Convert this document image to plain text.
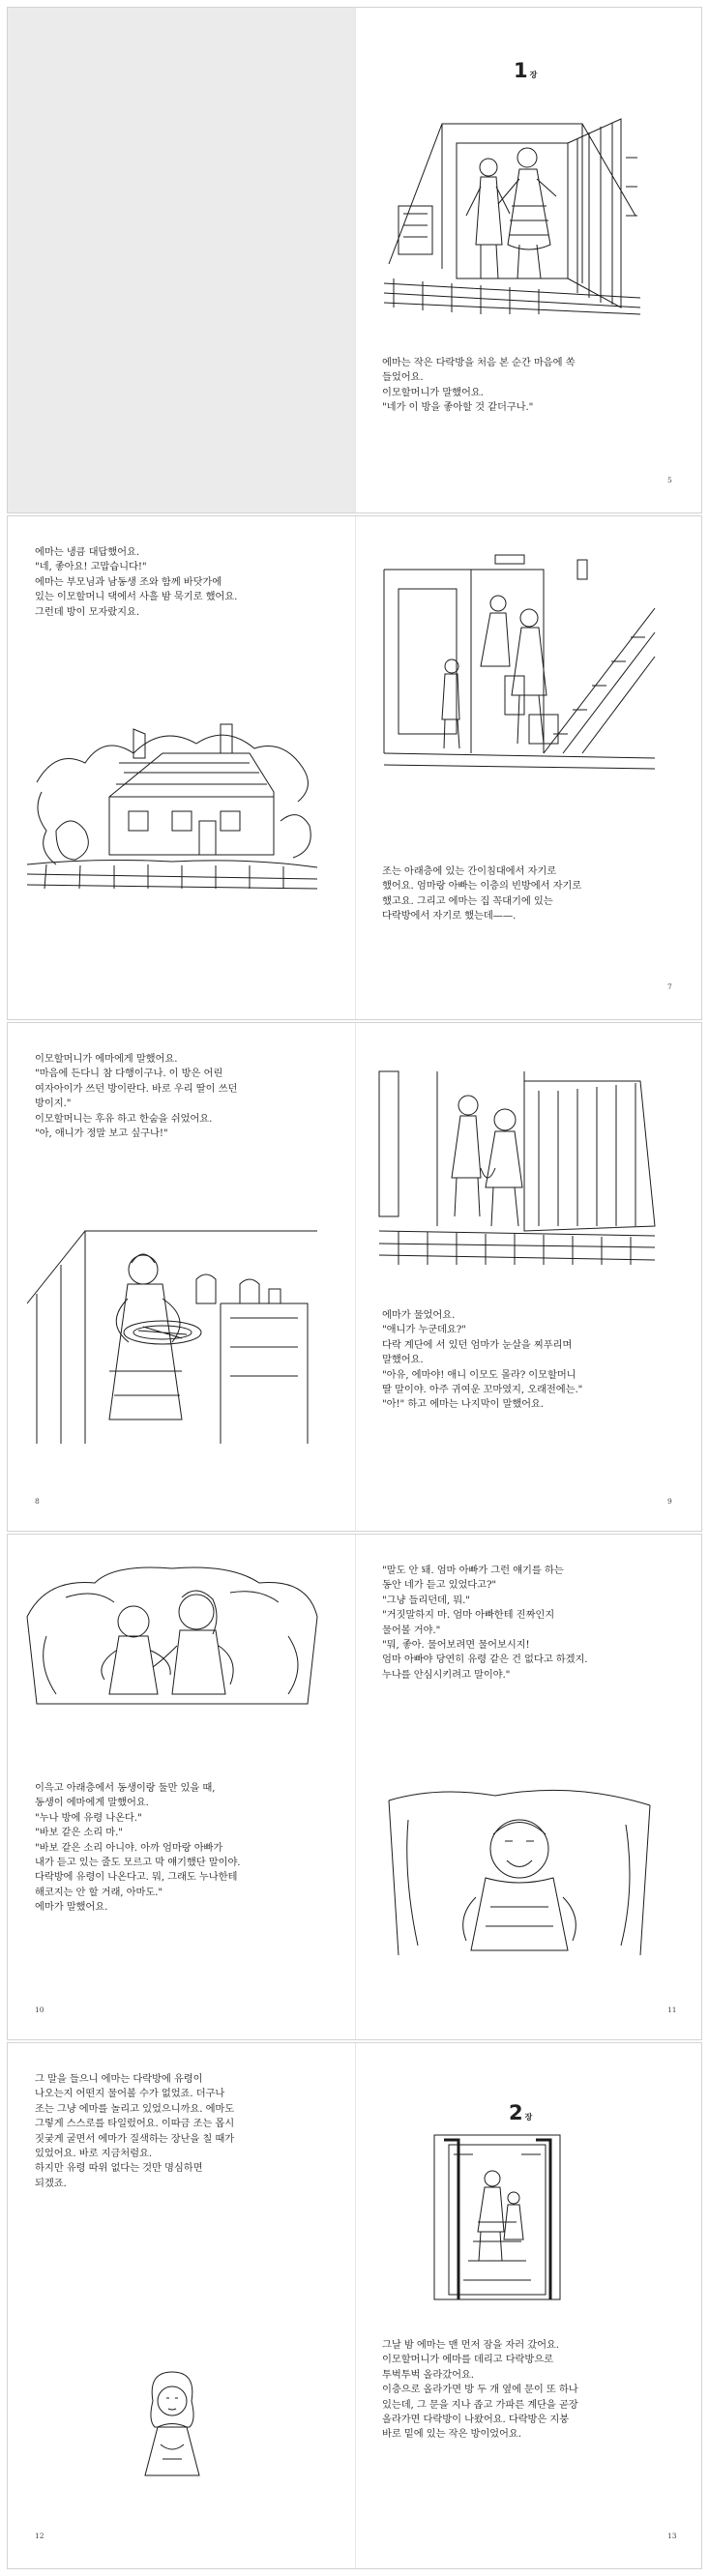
1 장
에마는 작은 다락방을 처음 본 순간 마음에 쏙
들었어요.
이모할머니가 말했어요.
"네가 이 방을 좋아할 것 같더구나."
5
에마는 냉큼 대답했어요.
"네, 좋아요! 고맙습니다!"
에마는 부모님과 남동생 조와 함께 바닷가에
있는 이모할머니 댁에서 사흘 밤 묵기로 했어요.
그런데 방이 모자랐지요.
조는 아래층에 있는 간이침대에서 자기로
했어요. 엄마랑 아빠는 이층의 빈방에서 자기로
했고요. 그리고 에마는 집 꼭대기에 있는
다락방에서 자기로 했는데——.
7
이모할머니가 에마에게 말했어요.
"마음에 든다니 참 다행이구나. 이 방은 어린
여자아이가 쓰던 방이란다. 바로 우리 딸이 쓰던
방이지."
이모할머니는 후유 하고 한숨을 쉬었어요.
"아, 애니가 정말 보고 싶구나!"
8
에마가 물었어요.
"애니가 누군데요?"
다락 계단에 서 있던 엄마가 눈살을 찌푸리며
말했어요.
"아유, 에마야! 애니 이모도 몰라? 이모할머니
딸 말이야. 아주 귀여운 꼬마였지, 오래전에는."
"아!" 하고 에마는 나지막이 말했어요.
9
이윽고 아래층에서 동생이랑 둘만 있을 때,
동생이 에마에게 말했어요.
"누나 방에 유령 나온다."
"바보 같은 소리 마."
"바보 같은 소리 아니야. 아까 엄마랑 아빠가
내가 듣고 있는 줄도 모르고 막 얘기했단 말이야.
다락방에 유령이 나온다고. 뭐, 그래도 누나한테
해코지는 안 할 거래, 아마도."
에마가 말했어요.
10
"말도 안 돼. 엄마 아빠가 그런 얘기를 하는
동안 네가 듣고 있었다고?"
"그냥 들리던데, 뭐."
"거짓말하지 마. 엄마 아빠한테 진짜인지
물어볼 거야."
"뭐, 좋아. 물어보려면 물어보시지!
엄마 아빠야 당연히 유령 같은 건 없다고 하겠지.
누나를 안심시키려고 말이야."
11
그 말을 들으니 에마는 다락방에 유령이
나오는지 어떤지 물어볼 수가 없었죠. 더구나
조는 그냥 에마를 놀리고 있었으니까요. 에마도
그렇게 스스로를 타일렀어요. 이따금 조는 몹시
짓궂게 굴면서 에마가 질색하는 장난을 칠 때가
있었어요. 바로 지금처럼요.
하지만 유령 따위 없다는 것만 명심하면
되겠죠.
12
2 장
그날 밤 에마는 맨 먼저 잠을 자러 갔어요.
이모할머니가 에마를 데리고 다락방으로
투벅투벅 올라갔어요.
이층으로 올라가면 방 두 개 옆에 문이 또 하나
있는데, 그 문을 지나 좁고 가파른 계단을 곧장
올라가면 다락방이 나왔어요. 다락방은 지붕
바로 밑에 있는 작은 방이었어요.
13
